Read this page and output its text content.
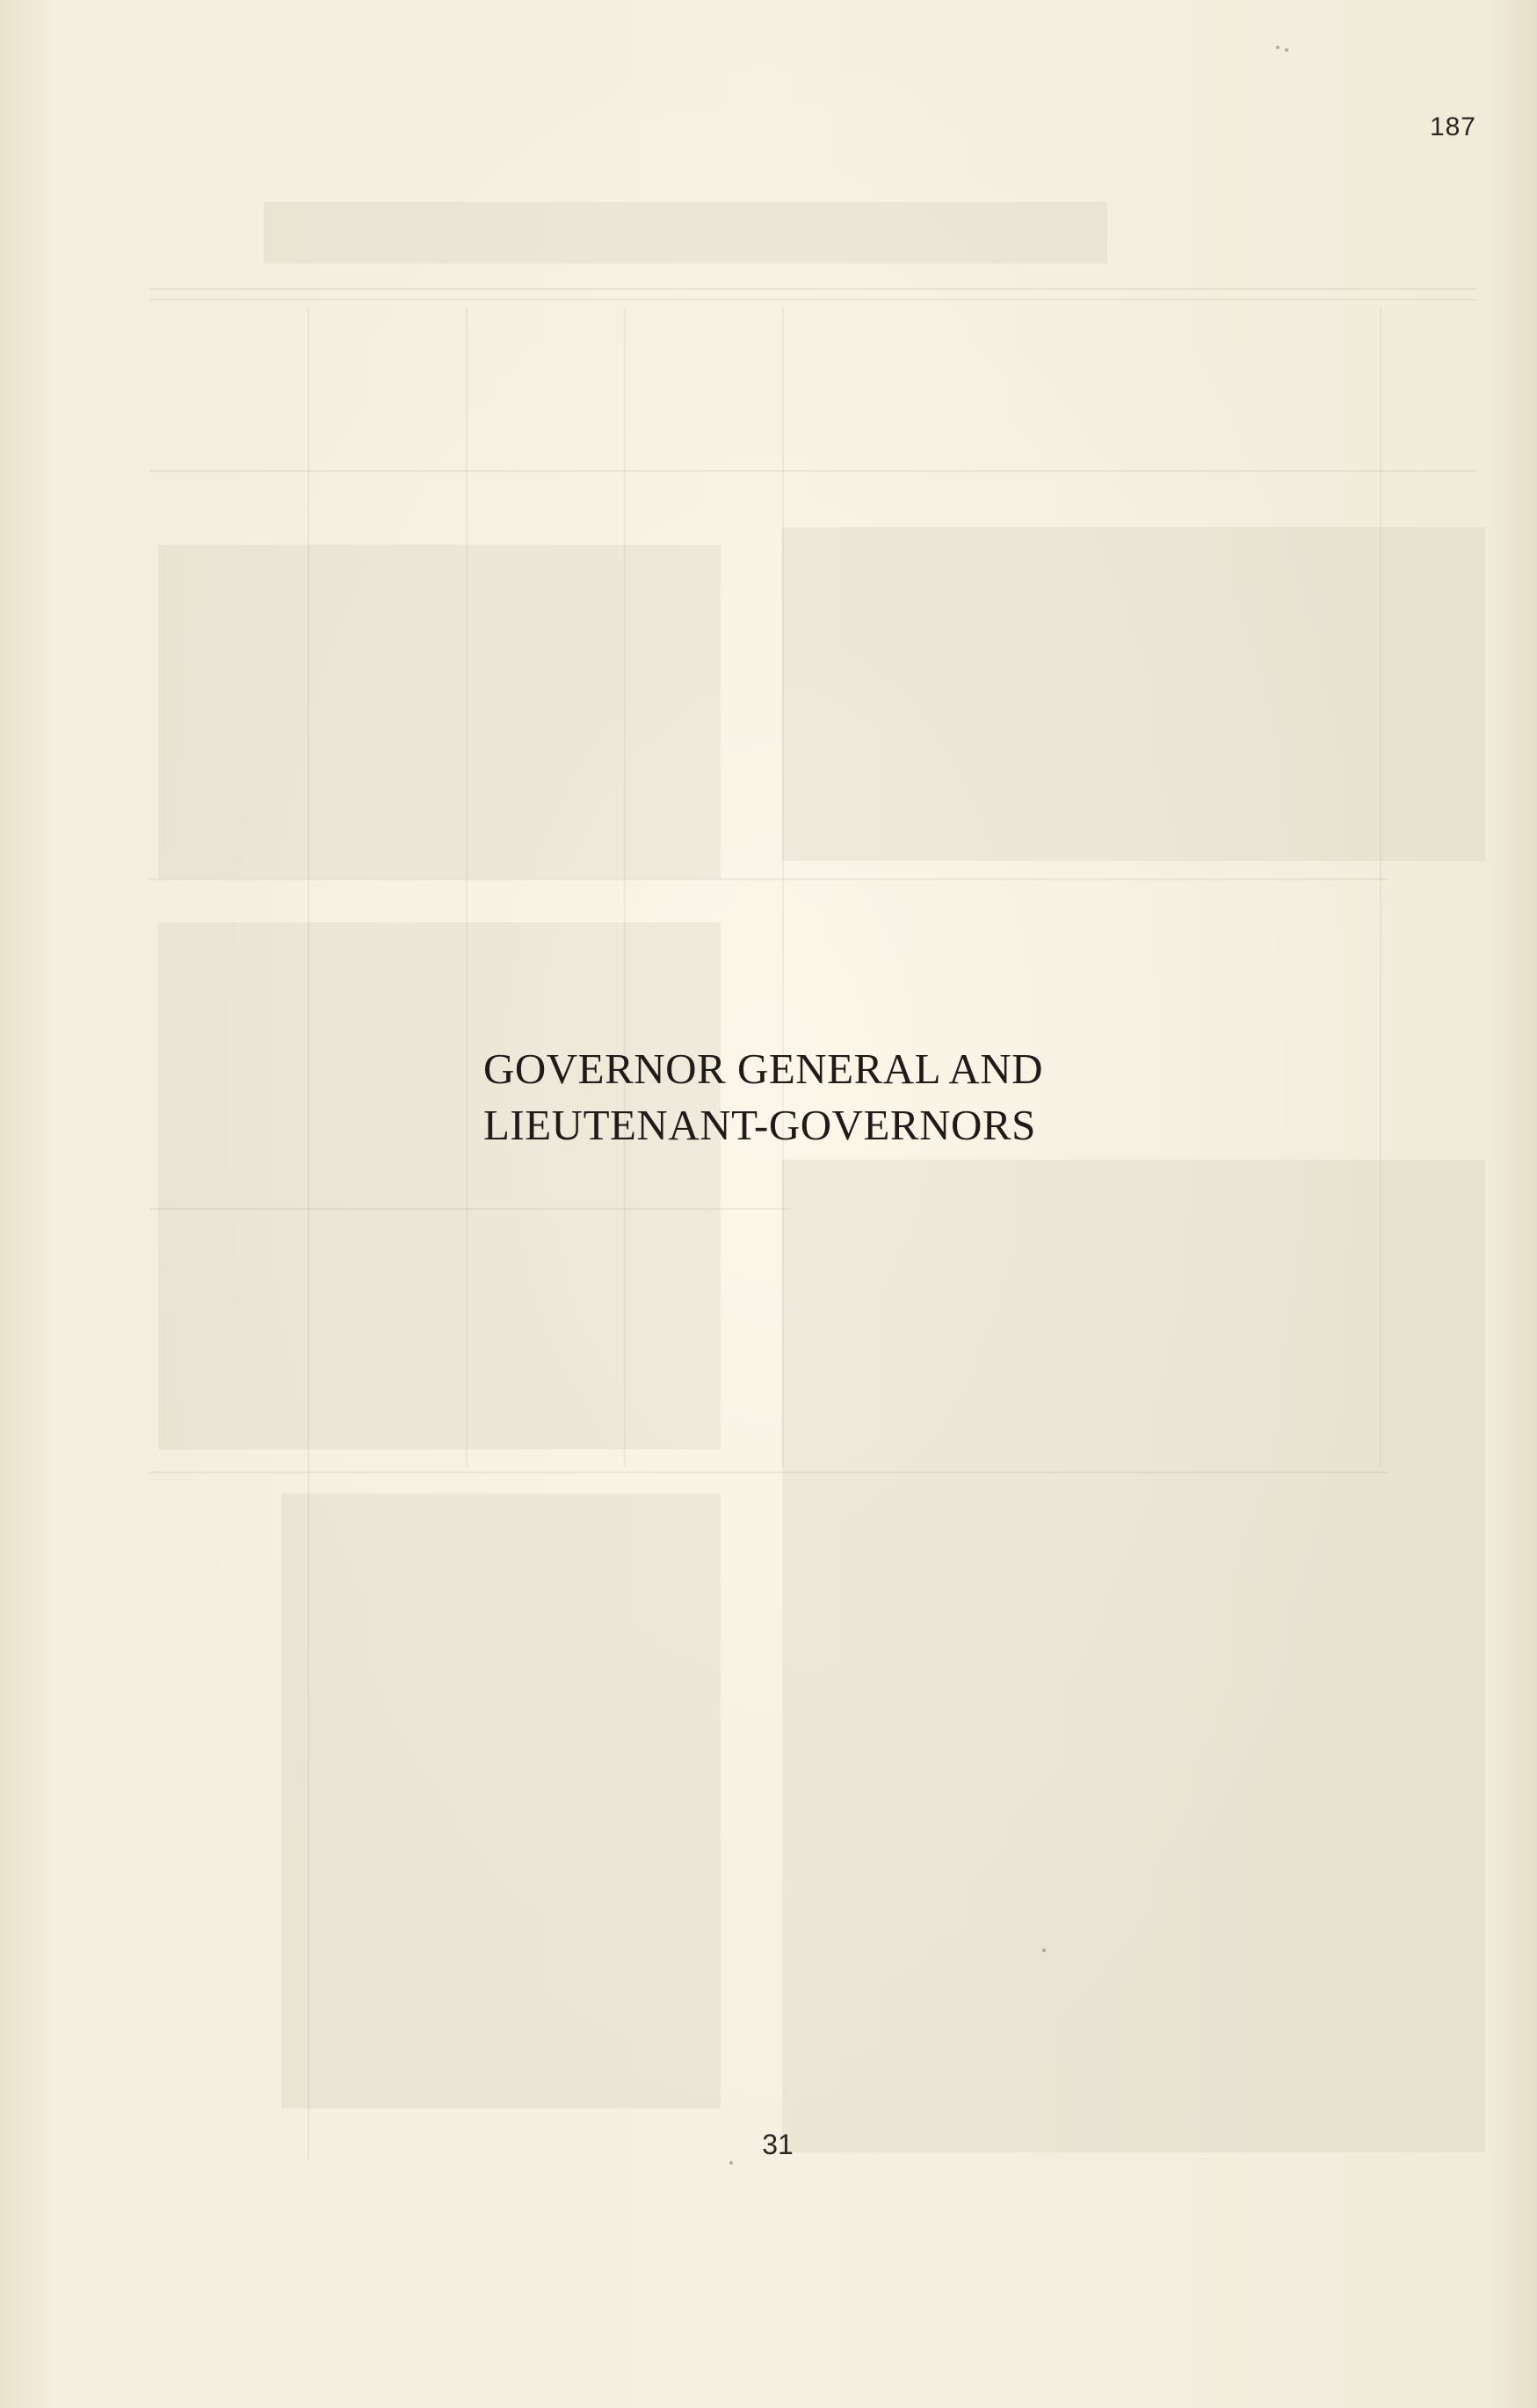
187
GOVERNOR GENERAL AND
LIEUTENANT-GOVERNORS
31
